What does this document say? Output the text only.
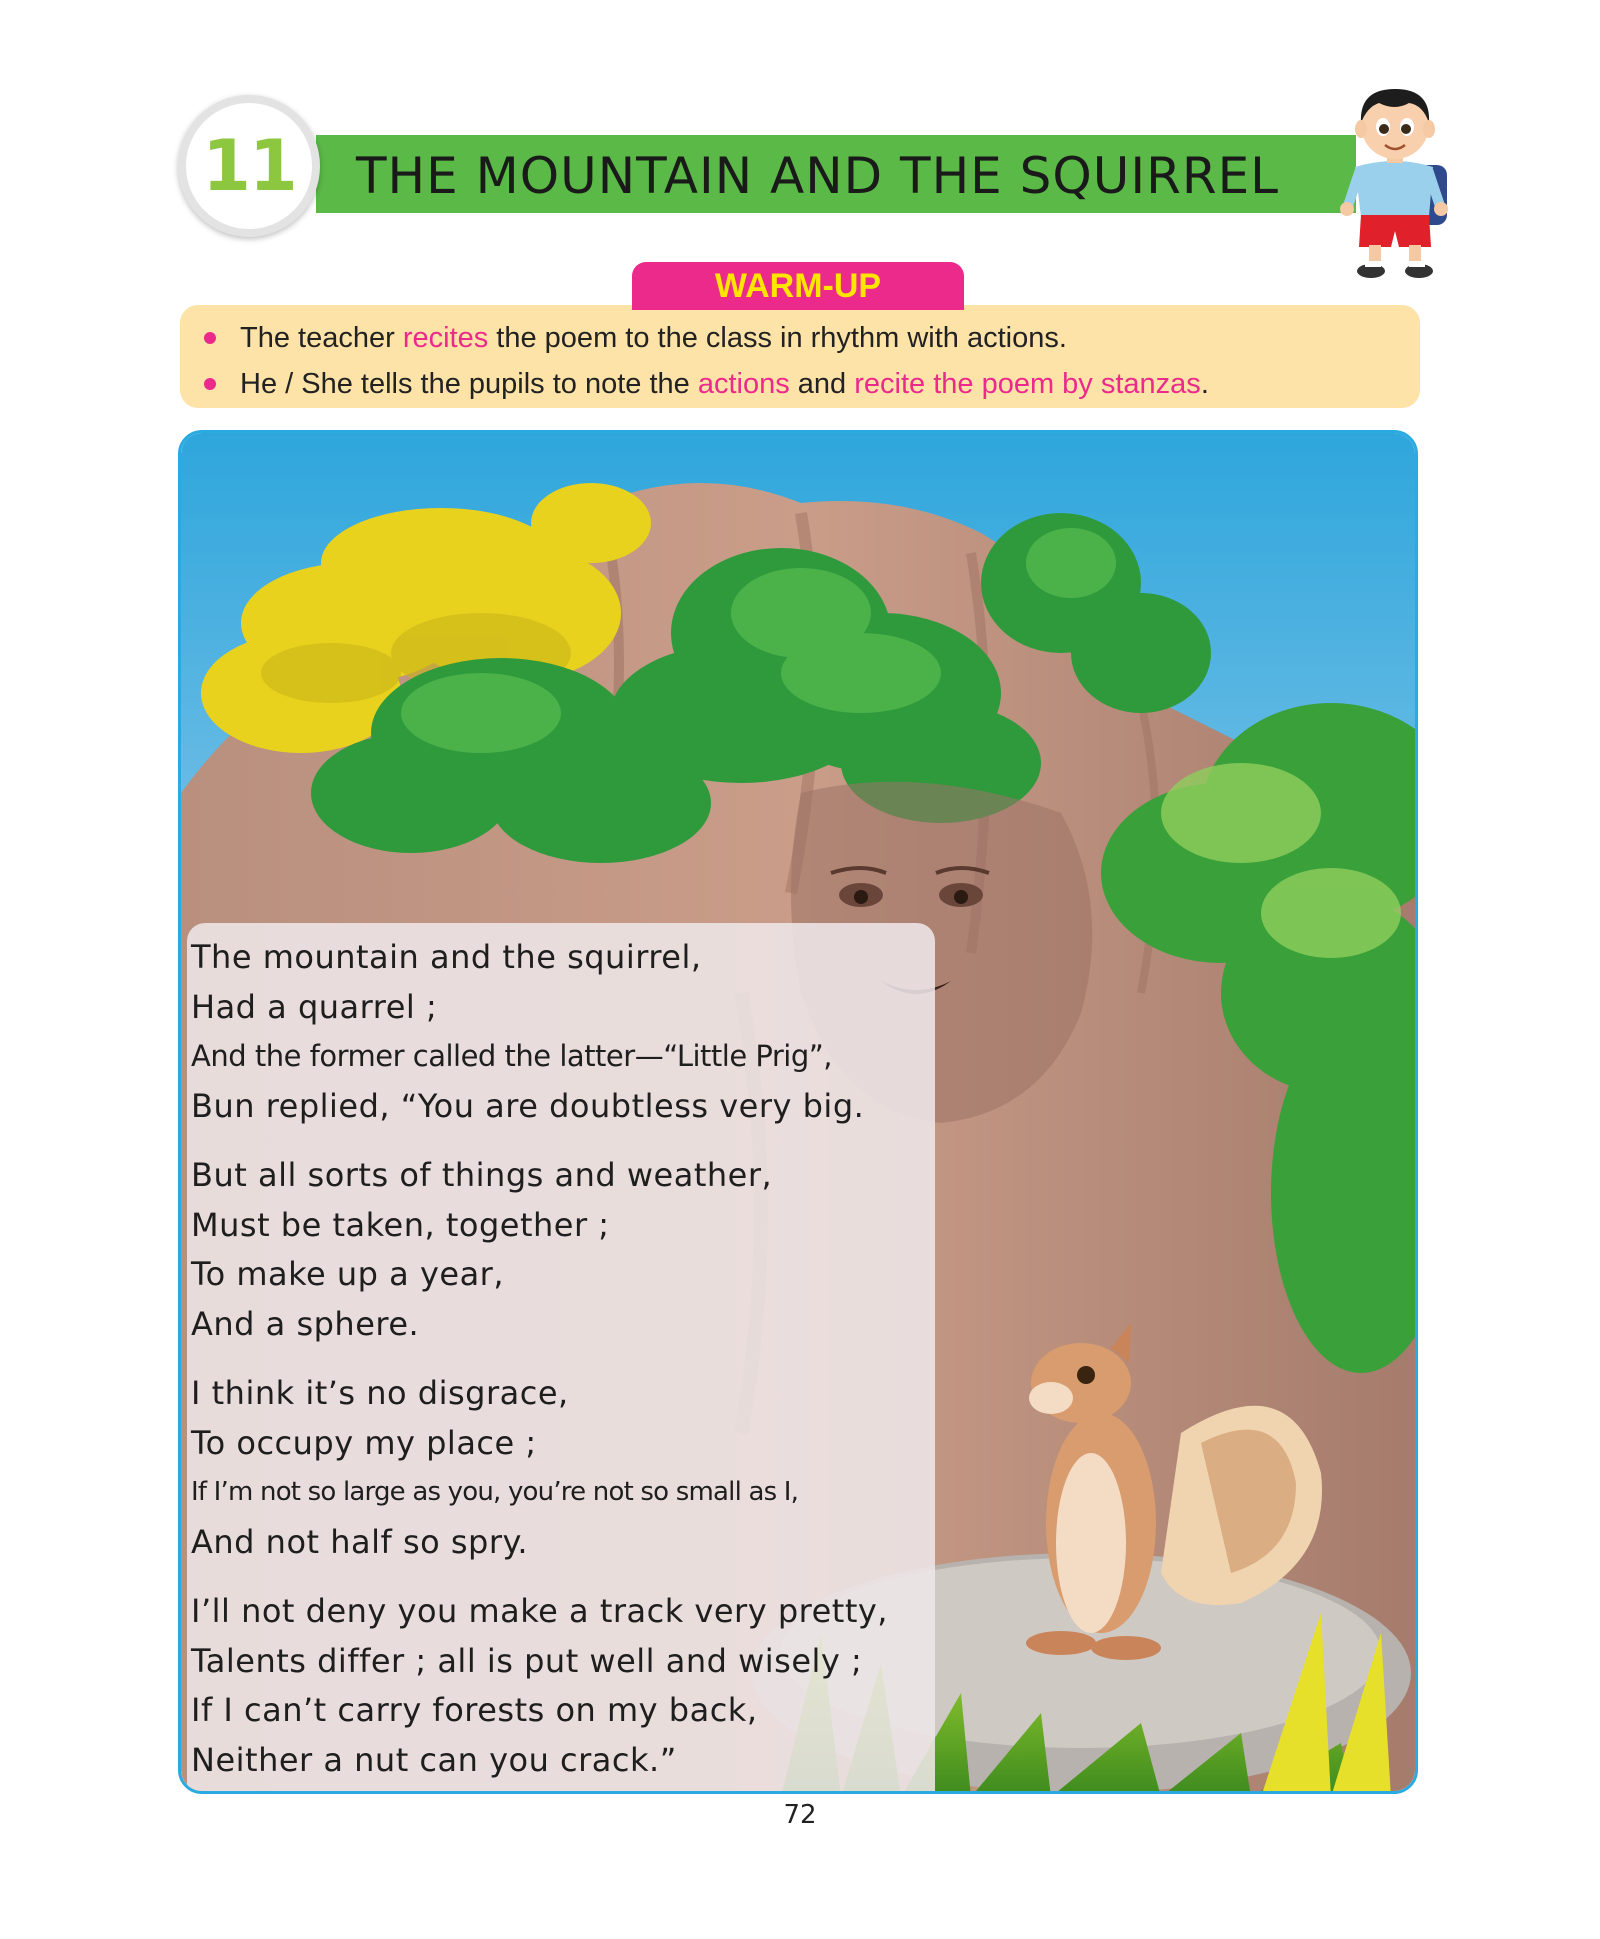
11 THE MOUNTAIN AND THE SQUIRREL
WARM-UP
The teacher recites the poem to the class in rhythm with actions.
He / She tells the pupils to note the actions and recite the poem by stanzas.
The mountain and the squirrel,
Had a quarrel ;
And the former called the latter—“Little Prig”,
Bun replied, “You are doubtless very big.
But all sorts of things and weather,
Must be taken, together ;
To make up a year,
And a sphere.
I think it’s no disgrace,
To occupy my place ;
If I’m not so large as you, you’re not so small as I,
And not half so spry.
I’ll not deny you make a track very pretty,
Talents differ ; all is put well and wisely ;
If I can’t carry forests on my back,
Neither a nut can you crack.”
72
